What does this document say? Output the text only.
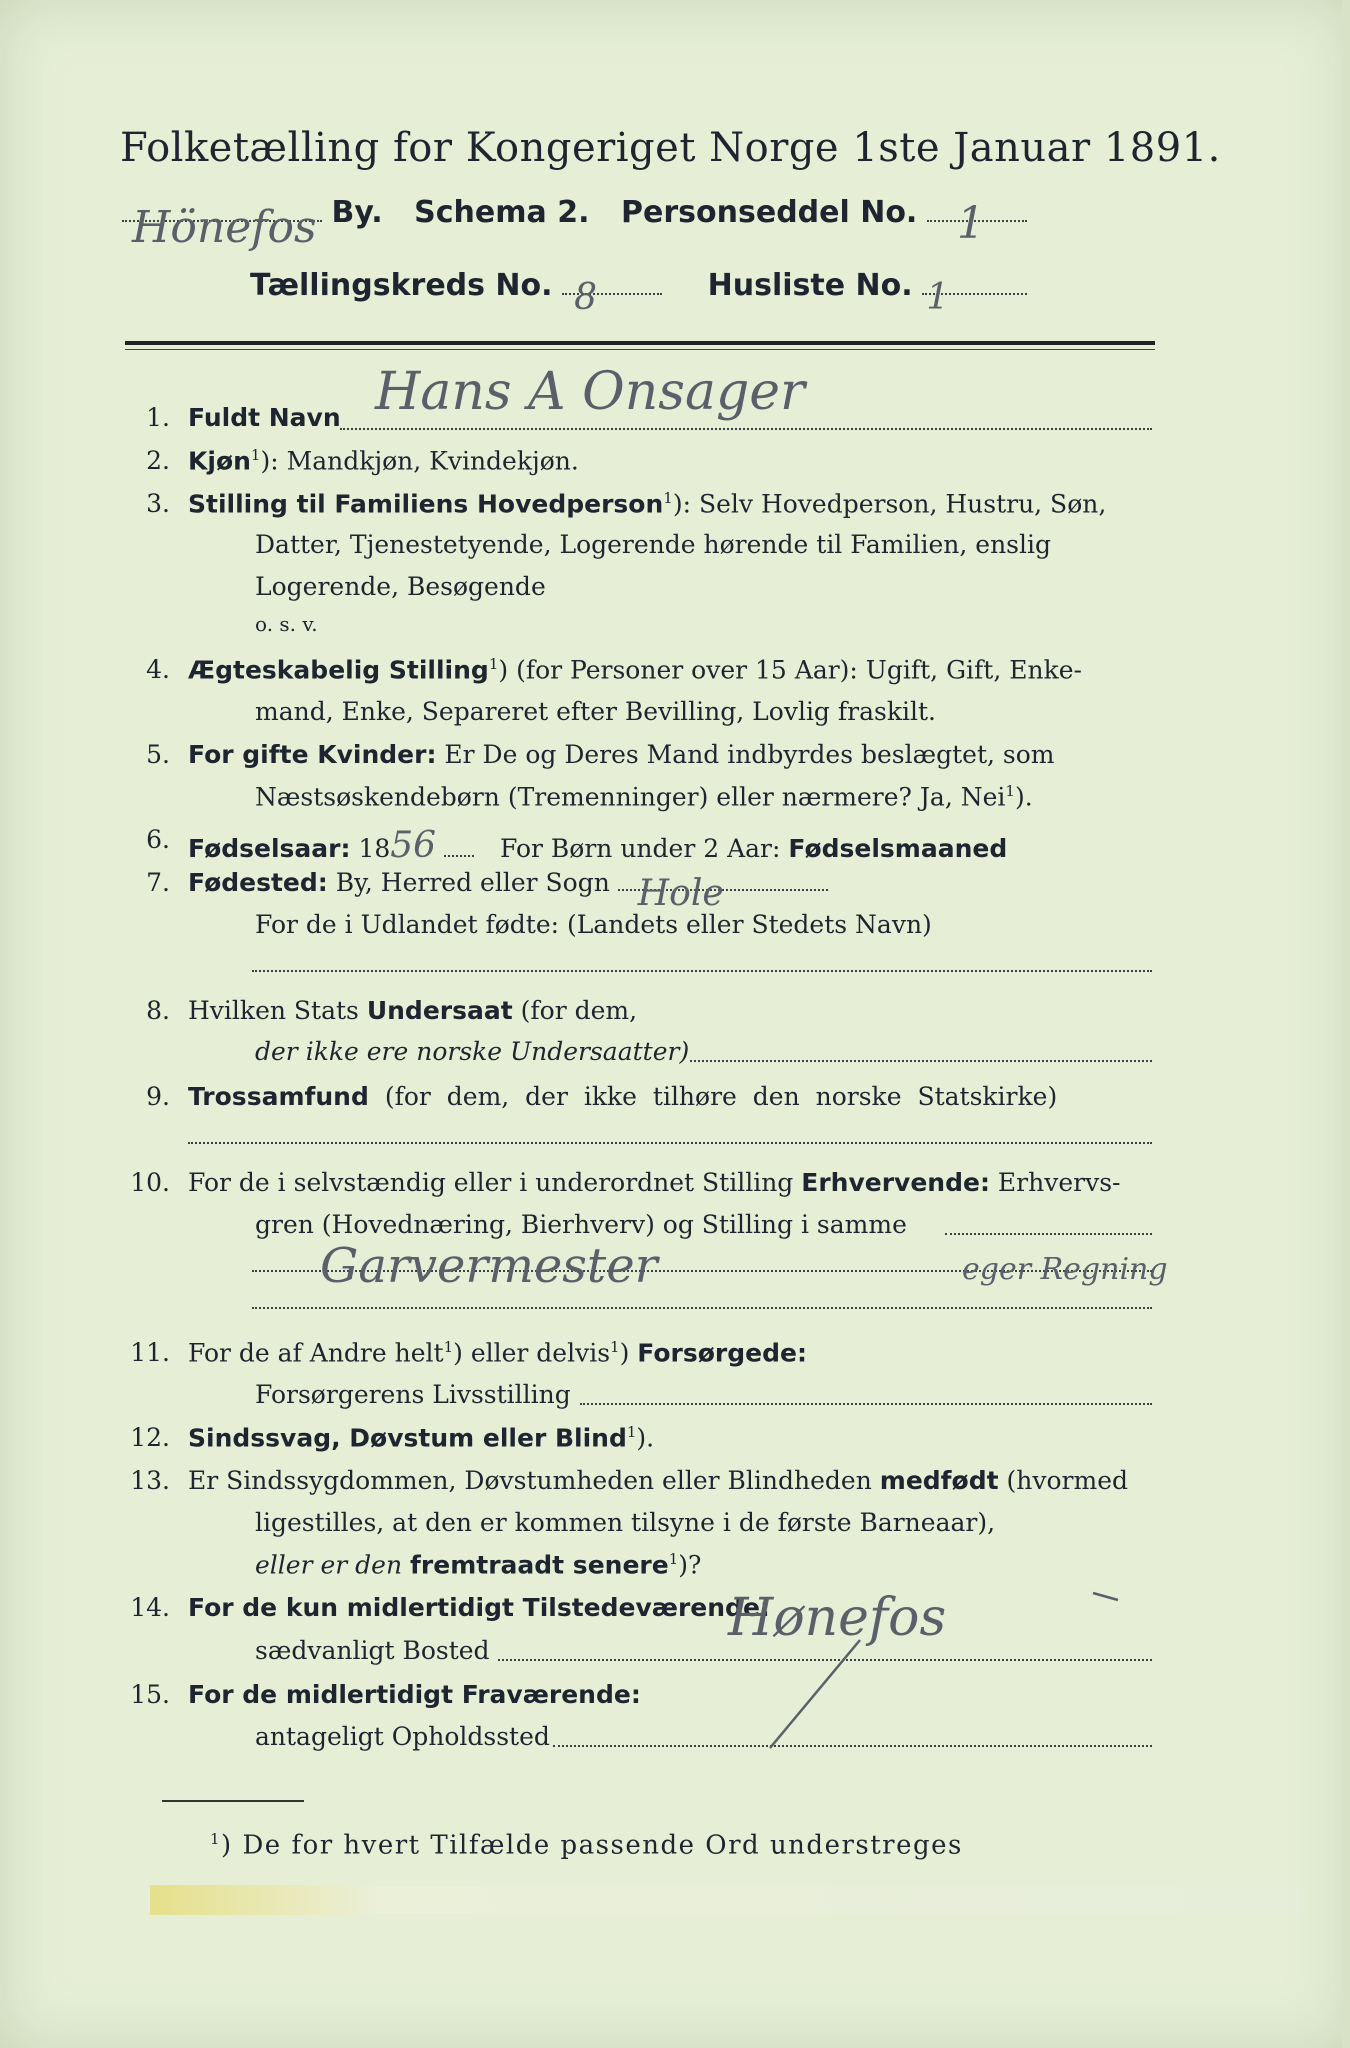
Folketælling for Kongeriget Norge 1ste Januar 1891.
Hönefos By. Schema 2. Personseddel No. 1
Tællingskreds No. 8	Husliste No. 1
1. Fuldt Navn Hans A Onsager
2. Kjøn$^1$): Mandkjøn, Kvindekjøn.
3. Stilling til Familiens Hovedperson$^1$): Selv Hovedperson, Hustru, Søn,
Datter, Tjenestetyende, Logerende hørende til Familien, enslig
Logerende, Besøgende
o. s. v.
4. Ægteskabelig Stilling$^1$) (for Personer over 15 Aar): Ugift, Gift, Enke-
mand, Enke, Separeret efter Bevilling, Lovlig fraskilt.
5. For gifte Kvinder: Er De og Deres Mand indbyrdes beslægtet, som
Næstsøskendebørn (Tremenninger) eller nærmere? Ja, Nei$^1$).
6. Fødselsaar: 1856	For Børn under 2 Aar: Fødselsmaaned
7. Fødested: By, Herred eller Sogn Hole
For de i Udlandet fødte: (Landets eller Stedets Navn)
8. Hvilken Stats Undersaat (for dem,
der ikke ere norske Undersaatter)
9. Trossamfund (for dem, der ikke tilhøre den norske Statskirke)
10. For de i selvstændig eller i underordnet Stilling Erhvervende: Erhvervs-
gren (Hovednæring, Bierhverv) og Stilling i samme
Garvermester	eger Regning
11. For de af Andre helt$^1$) eller delvis$^1$) Forsørgede:
Forsørgerens Livsstilling
12. Sindssvag, Døvstum eller Blind$^1$).
13. Er Sindssygdommen, Døvstumheden eller Blindheden medfødt (hvormed
ligestilles, at den er kommen tilsyne i de første Barneaar),
eller er den fremtraadt senere$^1$)?
14. For de kun midlertidigt Tilstedeværende:
sædvanligt Bosted
Hønefos
15. For de midlertidigt Fraværende:
antageligt Opholdssted
$^1$) De for hvert Tilfælde passende Ord understreges
